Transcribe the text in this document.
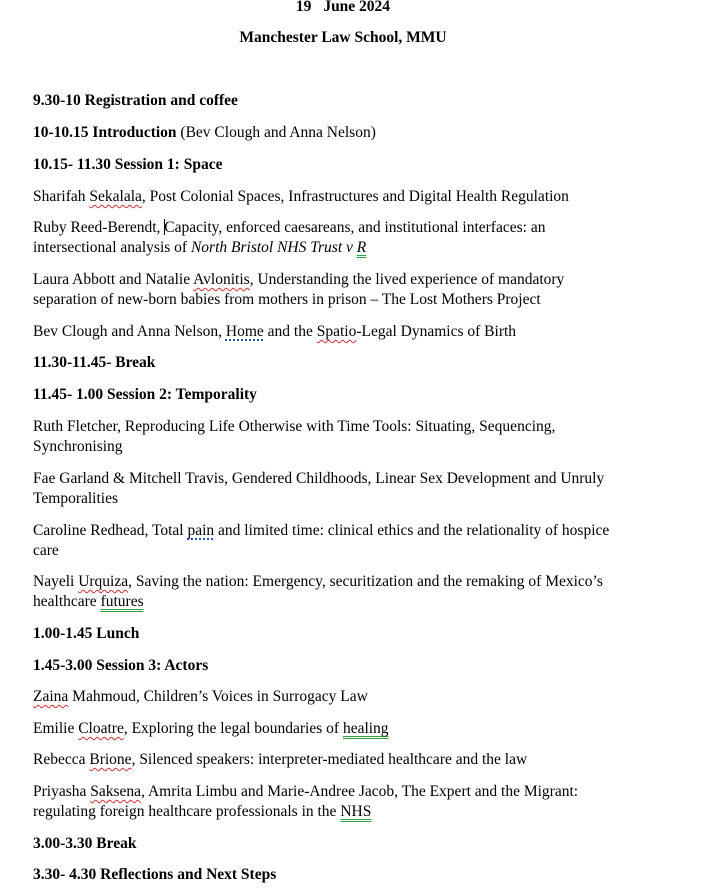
19 June 2024
Manchester Law School, MMU
9.30-10 Registration and coffee
10-10.15 Introduction (Bev Clough and Anna Nelson)
10.15- 11.30 Session 1: Space
Sharifah Sekalala, Post Colonial Spaces, Infrastructures and Digital Health Regulation
Ruby Reed-Berendt, Capacity, enforced caesareans, and institutional interfaces: an
intersectional analysis of North Bristol NHS Trust v R
Laura Abbott and Natalie Avlonitis, Understanding the lived experience of mandatory
separation of new-born babies from mothers in prison – The Lost Mothers Project
Bev Clough and Anna Nelson, Home and the Spatio-Legal Dynamics of Birth
11.30-11.45- Break
11.45- 1.00 Session 2: Temporality
Ruth Fletcher, Reproducing Life Otherwise with Time Tools: Situating, Sequencing,
Synchronising
Fae Garland & Mitchell Travis, Gendered Childhoods, Linear Sex Development and Unruly
Temporalities
Caroline Redhead, Total pain and limited time: clinical ethics and the relationality of hospice
care
Nayeli Urquiza, Saving the nation: Emergency, securitization and the remaking of Mexico’s
healthcare futures
1.00-1.45 Lunch
1.45-3.00 Session 3: Actors
Zaina Mahmoud, Children’s Voices in Surrogacy Law
Emilie Cloatre, Exploring the legal boundaries of healing
Rebecca Brione, Silenced speakers: interpreter-mediated healthcare and the law
Priyasha Saksena, Amrita Limbu and Marie-Andree Jacob, The Expert and the Migrant:
regulating foreign healthcare professionals in the NHS
3.00-3.30 Break
3.30- 4.30 Reflections and Next Steps
